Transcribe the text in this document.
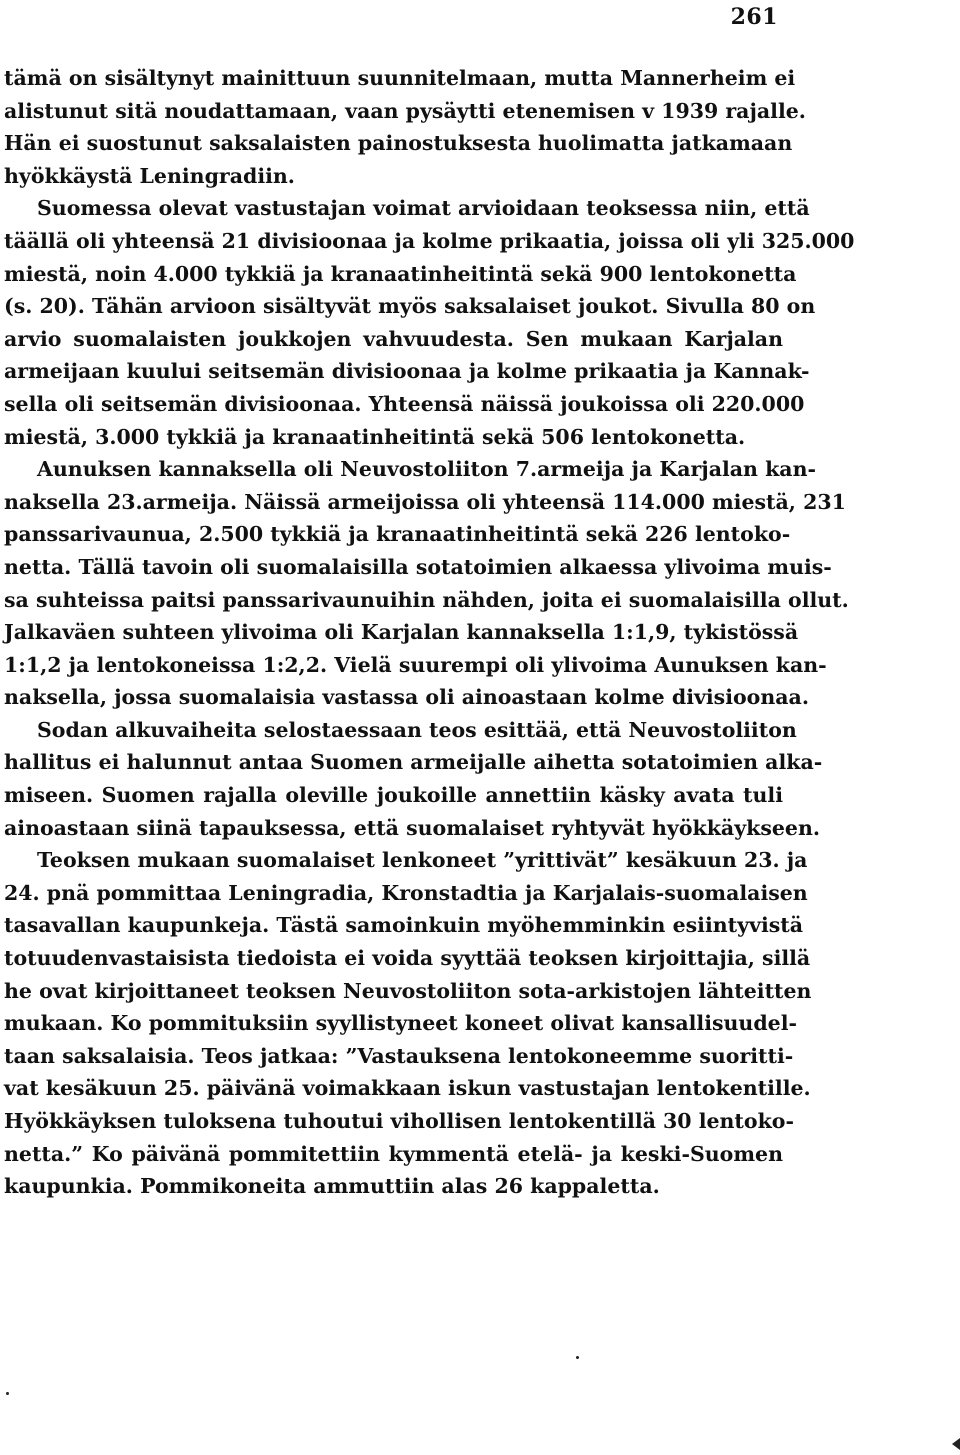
261
tämä on sisältynyt mainittuun suunnitelmaan, mutta Mannerheim ei
alistunut sitä noudattamaan, vaan pysäytti etenemisen v 1939 rajalle.
Hän ei suostunut saksalaisten painostuksesta huolimatta jatkamaan
hyökkäystä Leningradiin.
Suomessa olevat vastustajan voimat arvioidaan teoksessa niin, että
täällä oli yhteensä 21 divisioonaa ja kolme prikaatia, joissa oli yli 325.000
miestä, noin 4.000 tykkiä ja kranaatinheitintä sekä 900 lentokonetta
(s. 20). Tähän arvioon sisältyvät myös saksalaiset joukot. Sivulla 80 on
arvio suomalaisten joukkojen vahvuudesta. Sen mukaan Karjalan
armeijaan kuului seitsemän divisioonaa ja kolme prikaatia ja Kannak-
sella oli seitsemän divisioonaa. Yhteensä näissä joukoissa oli 220.000
miestä, 3.000 tykkiä ja kranaatinheitintä sekä 506 lentokonetta.
Aunuksen kannaksella oli Neuvostoliiton 7.armeija ja Karjalan kan-
naksella 23.armeija. Näissä armeijoissa oli yhteensä 114.000 miestä, 231
panssarivaunua, 2.500 tykkiä ja kranaatinheitintä sekä 226 lentoko-
netta. Tällä tavoin oli suomalaisilla sotatoimien alkaessa ylivoima muis-
sa suhteissa paitsi panssarivaunuihin nähden, joita ei suomalaisilla ollut.
Jalkaväen suhteen ylivoima oli Karjalan kannaksella 1:1,9, tykistössä
1:1,2 ja lentokoneissa 1:2,2. Vielä suurempi oli ylivoima Aunuksen kan-
naksella, jossa suomalaisia vastassa oli ainoastaan kolme divisioonaa.
Sodan alkuvaiheita selostaessaan teos esittää, että Neuvostoliiton
hallitus ei halunnut antaa Suomen armeijalle aihetta sotatoimien alka-
miseen. Suomen rajalla oleville joukoille annettiin käsky avata tuli
ainoastaan siinä tapauksessa, että suomalaiset ryhtyvät hyökkäykseen.
Teoksen mukaan suomalaiset lenkoneet ”yrittivät” kesäkuun 23. ja
24. pnä pommittaa Leningradia, Kronstadtia ja Karjalais-suomalaisen
tasavallan kaupunkeja. Tästä samoinkuin myöhemminkin esiintyvistä
totuudenvastaisista tiedoista ei voida syyttää teoksen kirjoittajia, sillä
he ovat kirjoittaneet teoksen Neuvostoliiton sota-arkistojen lähteitten
mukaan. Ko pommituksiin syyllistyneet koneet olivat kansallisuudel-
taan saksalaisia. Teos jatkaa: ”Vastauksena lentokoneemme suoritti-
vat kesäkuun 25. päivänä voimakkaan iskun vastustajan lentokentille.
Hyökkäyksen tuloksena tuhoutui vihollisen lentokentillä 30 lentoko-
netta.” Ko päivänä pommitettiin kymmentä etelä- ja keski-Suomen
kaupunkia. Pommikoneita ammuttiin alas 26 kappaletta.
